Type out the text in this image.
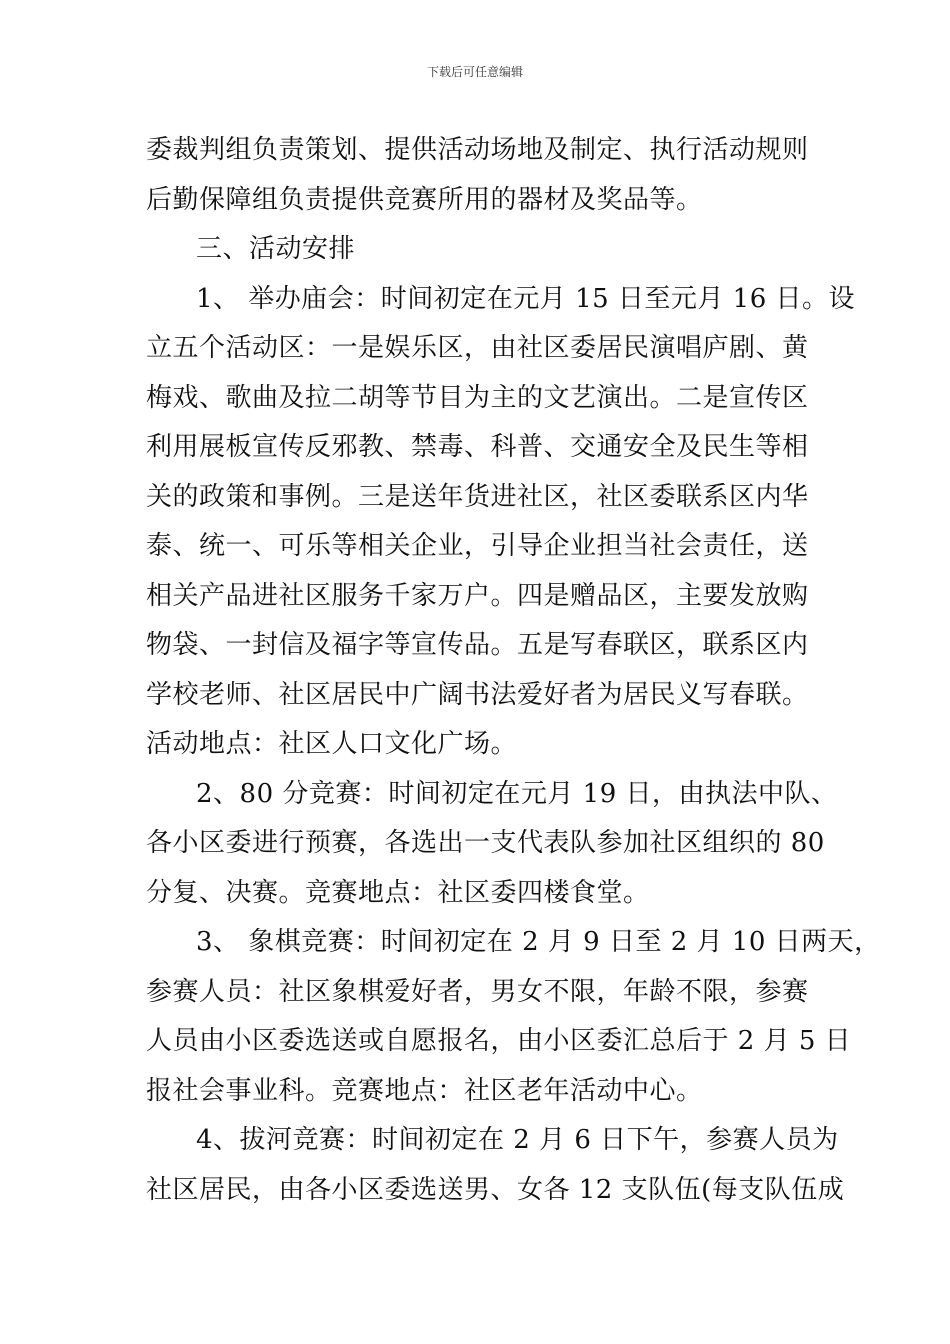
下载后可任意编辑
委裁判组负责策划、提供活动场地及制定、执行活动规则
后勤保障组负责提供竞赛所用的器材及奖品等。
三、活动安排
1、 举办庙会：时间初定在元月 15 日至元月 16 日。设
立五个活动区：一是娱乐区，由社区委居民演唱庐剧、黄
梅戏、歌曲及拉二胡等节目为主的文艺演出。二是宣传区
利用展板宣传反邪教、禁毒、科普、交通安全及民生等相
关的政策和事例。三是送年货进社区，社区委联系区内华
泰、统一、可乐等相关企业，引导企业担当社会责任，送
相关产品进社区服务千家万户。四是赠品区，主要发放购
物袋、一封信及福字等宣传品。五是写春联区，联系区内
学校老师、社区居民中广阔书法爱好者为居民义写春联。
活动地点：社区人口文化广场。
2、80 分竞赛：时间初定在元月 19 日，由执法中队、
各小区委进行预赛，各选出一支代表队参加社区组织的 80
分复、决赛。竞赛地点：社区委四楼食堂。
3、 象棋竞赛：时间初定在 2 月 9 日至 2 月 10 日两天，
参赛人员：社区象棋爱好者，男女不限，年龄不限，参赛
人员由小区委选送或自愿报名，由小区委汇总后于 2 月 5 日
报社会事业科。竞赛地点：社区老年活动中心。
4、拔河竞赛：时间初定在 2 月 6 日下午，参赛人员为
社区居民，由各小区委选送男、女各 12 支队伍(每支队伍成
